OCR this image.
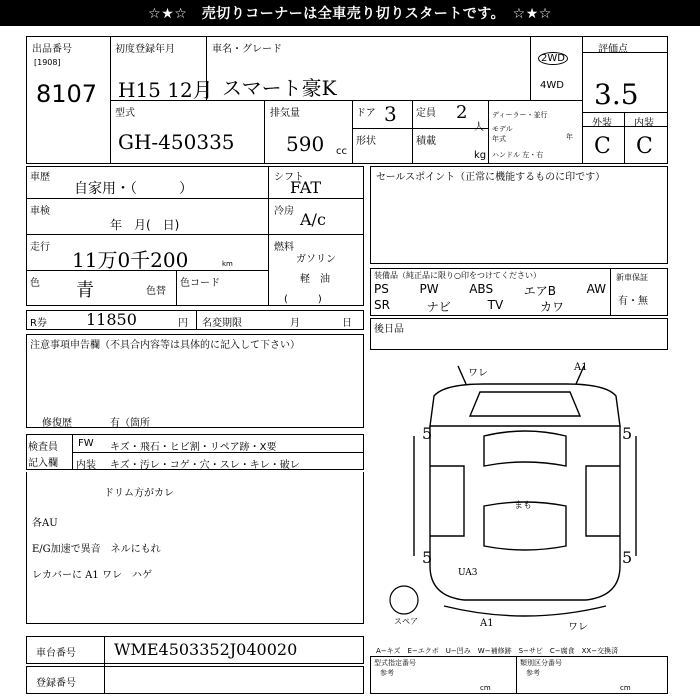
☆★☆　売切りコーナーは全車売り切りスタートです。　☆★☆
出品番号
[1908]
8107
初度登録年月
H15 12月
車名・グレード
スマート豪K
2WD
4WD
評価点
3.5
外装 内装
C C
型式
GH-450335
排気量
590 cc
ドア 3
形状
定員 2
人
積載
kg
ディーラー・並行
モデル
年式	年
ハンドル 左・右
車歴
自家用・（　　　）
車検
年　月(　日)
走行
11万0千200	km
色 青	色替
色コード
シフト
FAT
冷房 A/c
燃料
ガソリン
軽　油
(　　　)
R券 11850	円 名変期限	月	日
セールスポイント（正常に機能するものに印です）
装備品（純正品に限り○印をつけてください）	新車保証
有・無
PS	PW	ABS	エアB	AW
SR	ナビ	TV	カワ
後日品
注意事項申告欄（不具合内容等は具体的に記入して下さい）
修復歴	有（箇所
検査員
記入欄
FW キズ・飛石・ヒビ割・リペア跡・X要
内装 キズ・汚レ・コゲ・穴・スレ・キレ・破レ
ドリム方がカレ
各AU
E/G加速で異音　ネルにもれ
レカバーに A1 ワレ　ハゲ
ワレ
A1
5	5
5	5
まも
UA3
A1	ワレ
スペア
車台番号 WME4503352J040020
登録番号
A−キズ　E−エクボ　U−凹み　W−補修跡　S−サビ　C−腐食　XX−交換済
型式指定番号
参考
類別区分番号
参考
cm	cm
